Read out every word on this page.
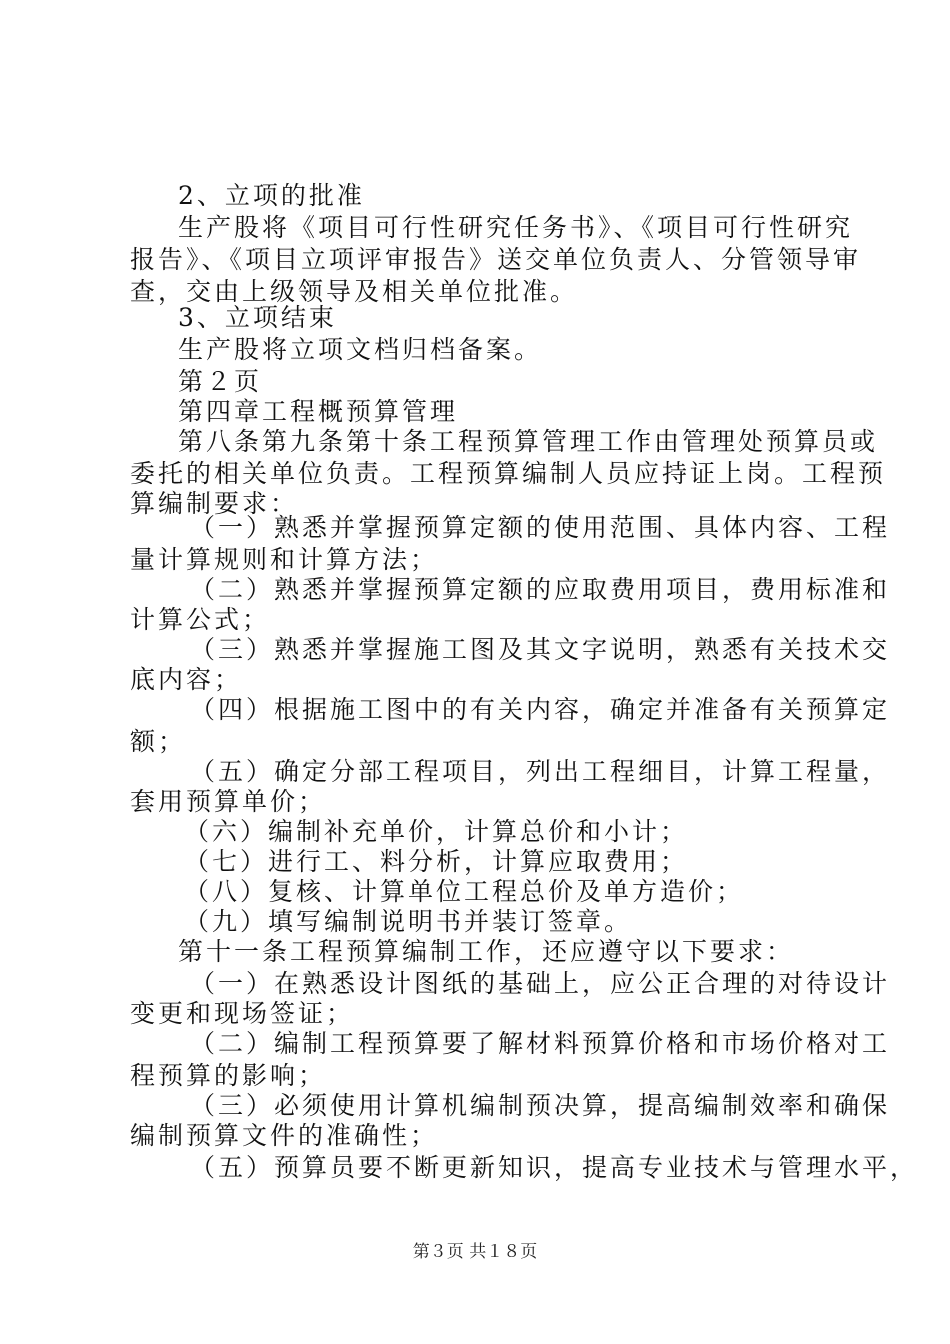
2、立项的批准
生产股将《项目可行性研究任务书》、《项目可行性研究
报告》、《项目立项评审报告》送交单位负责人、分管领导审
查，交由上级领导及相关单位批准。
3、立项结束
生产股将立项文档归档备案。
第２页
第四章工程概预算管理
第八条第九条第十条工程预算管理工作由管理处预算员或
委托的相关单位负责。工程预算编制人员应持证上岗。工程预
算编制要求：
（一）熟悉并掌握预算定额的使用范围、具体内容、工程
量计算规则和计算方法；
（二）熟悉并掌握预算定额的应取费用项目，费用标准和
计算公式；
（三）熟悉并掌握施工图及其文字说明，熟悉有关技术交
底内容；
（四）根据施工图中的有关内容，确定并准备有关预算定
额；
（五）确定分部工程项目，列出工程细目，计算工程量，
套用预算单价；
（六）编制补充单价，计算总价和小计；
（七）进行工、料分析，计算应取费用；
（八）复核、计算单位工程总价及单方造价；
（九）填写编制说明书并装订签章。
第十一条工程预算编制工作，还应遵守以下要求：
（一）在熟悉设计图纸的基础上，应公正合理的对待设计
变更和现场签证；
（二）编制工程预算要了解材料预算价格和市场价格对工
程预算的影响；
（三）必须使用计算机编制预决算，提高编制效率和确保
编制预算文件的准确性；
（五）预算员要不断更新知识，提高专业技术与管理水平，
第３页 共１８页
